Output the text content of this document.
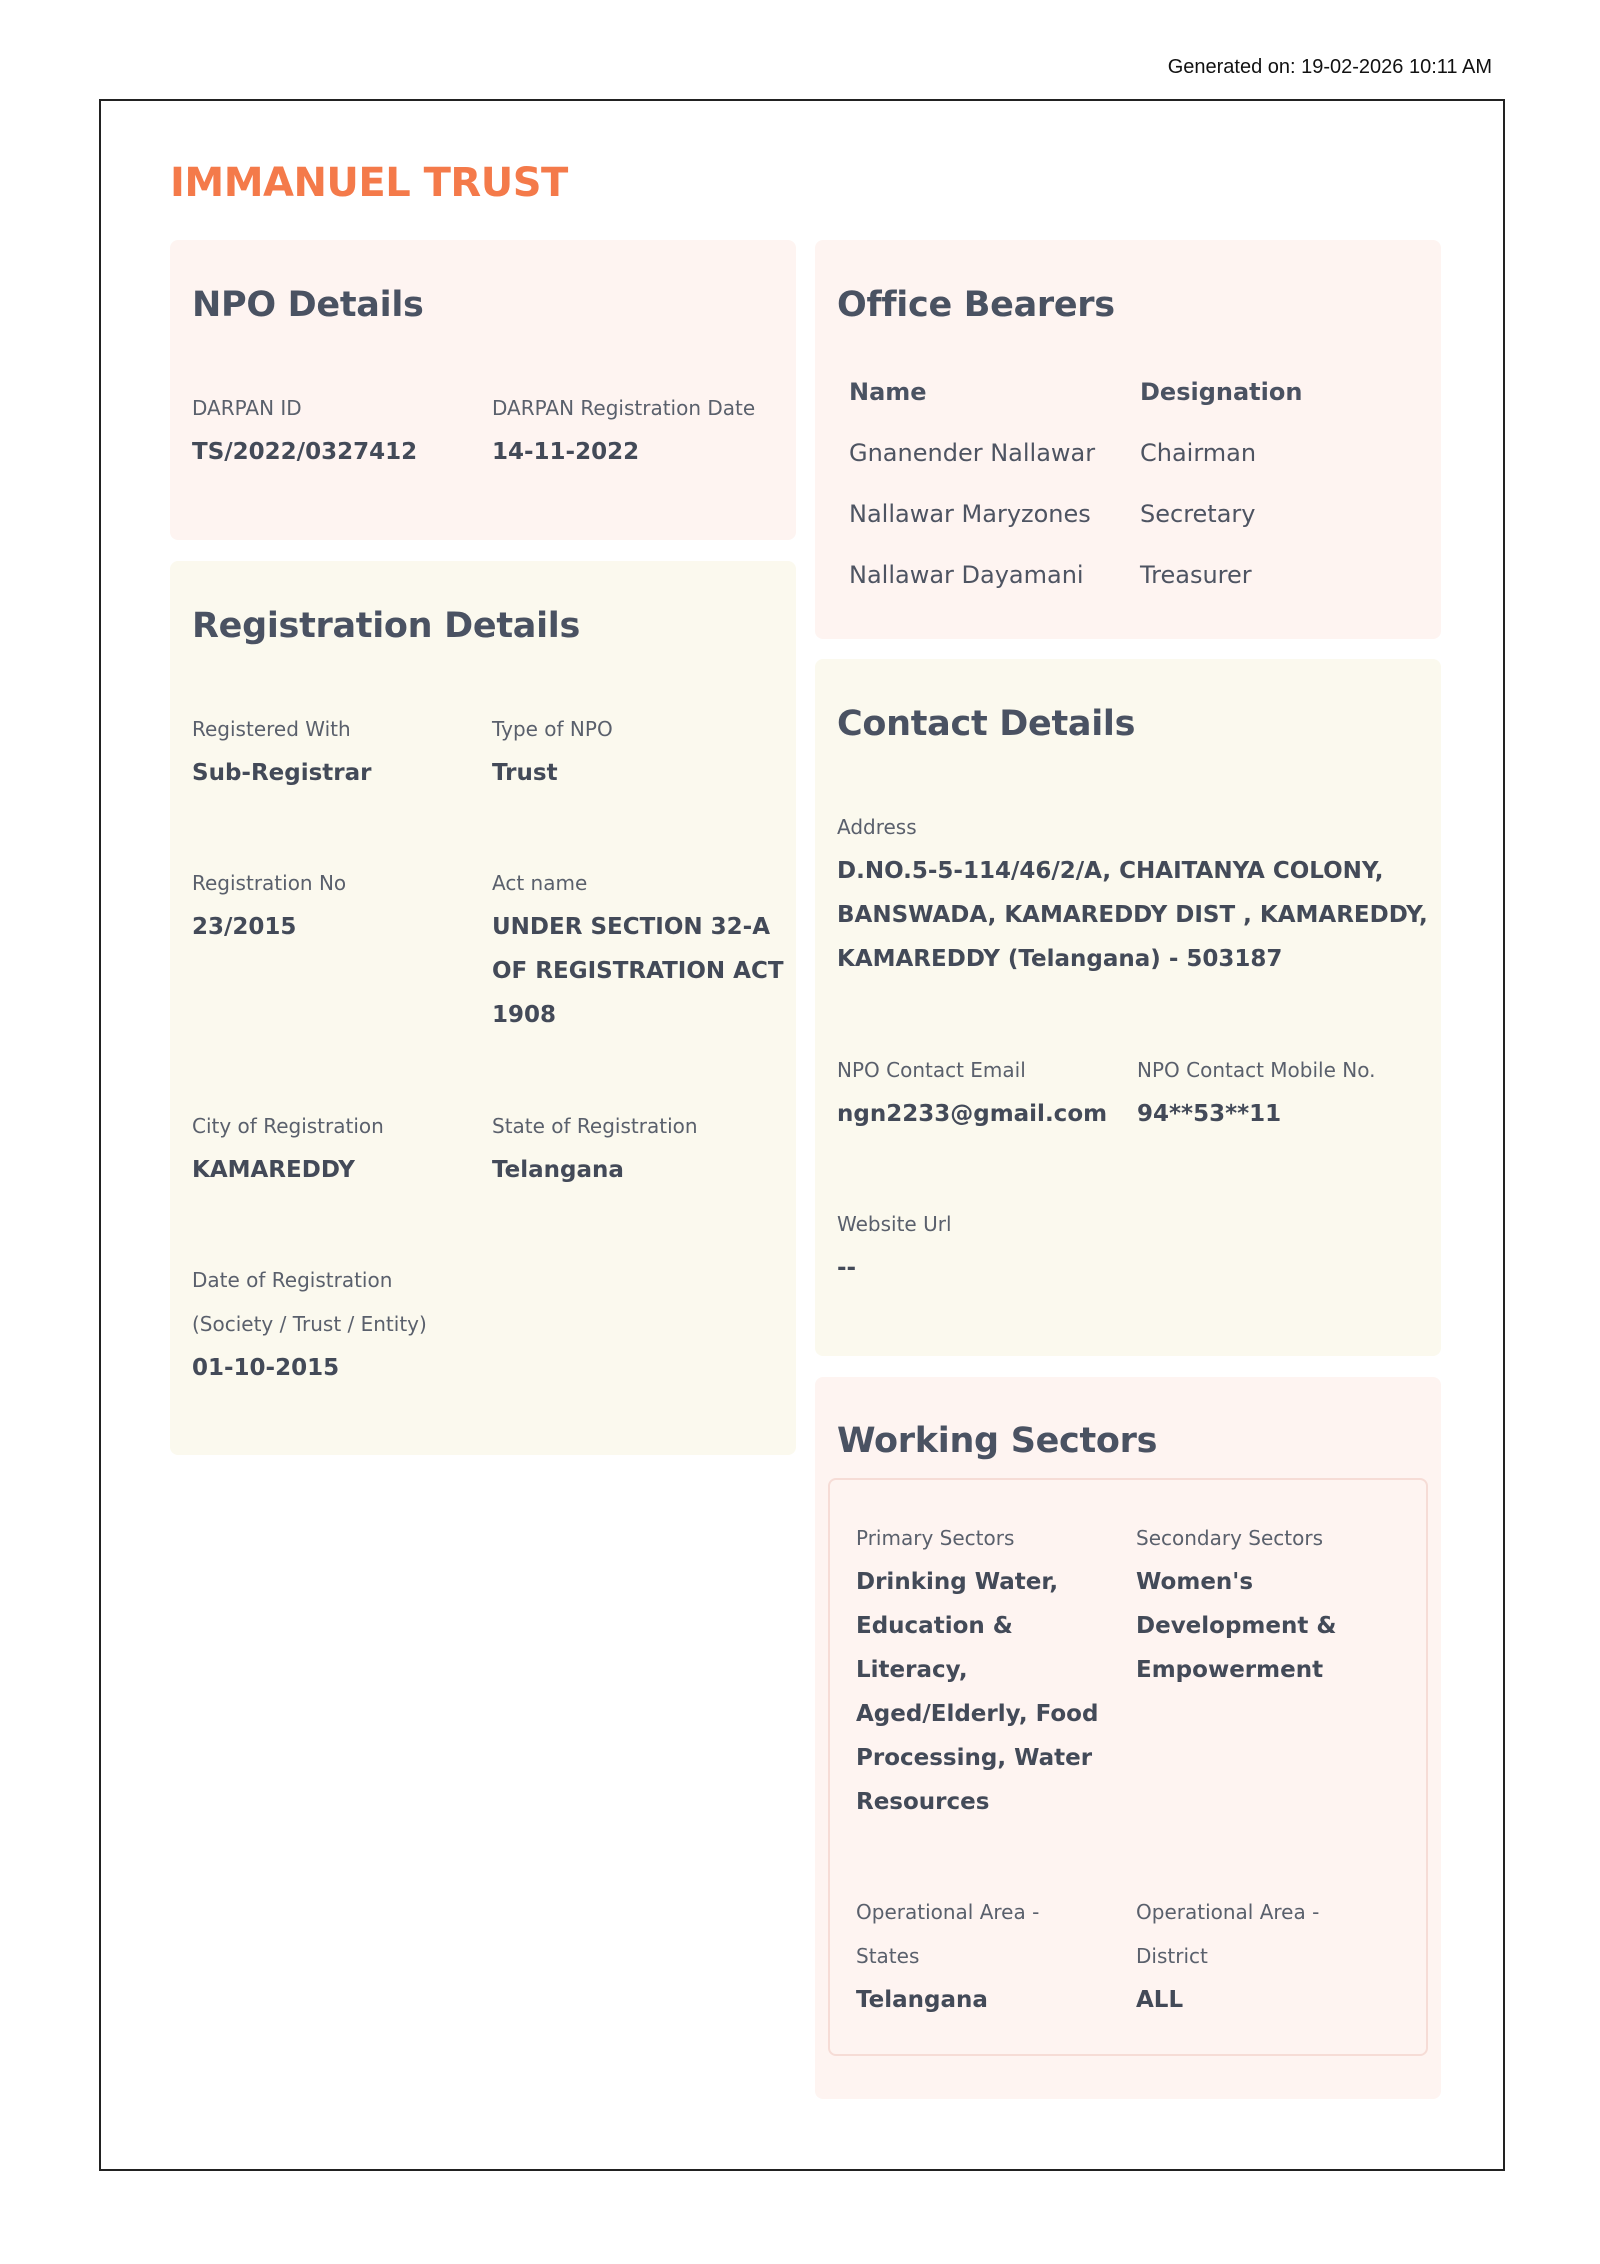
Generated on: 19-02-2026 10:11 AM
IMMANUEL TRUST
NPO Details
DARPAN ID
TS/2022/0327412
DARPAN Registration Date
14-11-2022
Registration Details
Registered With
Sub-Registrar
Type of NPO
Trust
Registration No
23/2015
Act name
UNDER SECTION 32-A
OF REGISTRATION ACT
1908
City of Registration
KAMAREDDY
State of Registration
Telangana
Date of Registration
(Society / Trust / Entity)
01-10-2015
Office Bearers
Name	Designation
Gnanender Nallawar Chairman
Nallawar Maryzones Secretary
Nallawar Dayamani Treasurer
Contact Details
Address
D.NO.5-5-114/46/2/A, CHAITANYA COLONY,
BANSWADA, KAMAREDDY DIST , KAMAREDDY,
KAMAREDDY (Telangana) - 503187
NPO Contact Email
ngn2233@gmail.com
NPO Contact Mobile No.
94**53**11
Website Url
--
Working Sectors
Primary Sectors
Drinking Water,
Education &
Literacy,
Aged/Elderly, Food
Processing, Water
Resources
Secondary Sectors
Women's
Development &
Empowerment
Operational Area -
States
Telangana
Operational Area -
District
ALL
